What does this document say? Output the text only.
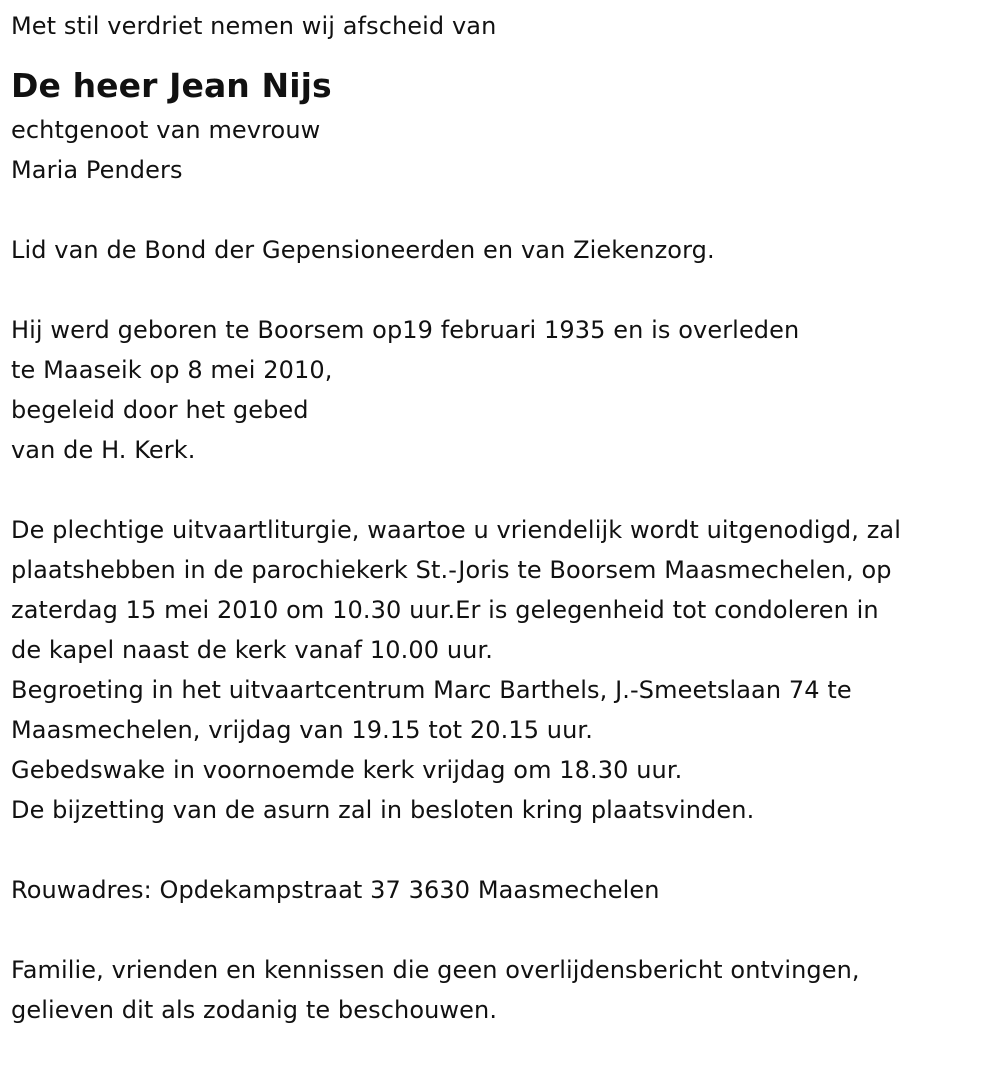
Met stil verdriet nemen wij afscheid van
De heer Jean Nijs
echtgenoot van mevrouw
Maria Penders
Lid van de Bond der Gepensioneerden en van Ziekenzorg.
Hij werd geboren te Boorsem op19 februari 1935 en is overleden
te Maaseik op 8 mei 2010,
begeleid door het gebed
van de H. Kerk.
De plechtige uitvaartliturgie, waartoe u vriendelijk wordt uitgenodigd, zal
plaatshebben in de parochiekerk St.-Joris te Boorsem Maasmechelen, op
zaterdag 15 mei 2010 om 10.30 uur.Er is gelegenheid tot condoleren in
de kapel naast de kerk vanaf 10.00 uur.
Begroeting in het uitvaartcentrum Marc Barthels, J.-Smeetslaan 74 te
Maasmechelen, vrijdag van 19.15 tot 20.15 uur.
Gebedswake in voornoemde kerk vrijdag om 18.30 uur.
De bijzetting van de asurn zal in besloten kring plaatsvinden.
Rouwadres: Opdekampstraat 37 3630 Maasmechelen
Familie, vrienden en kennissen die geen overlijdensbericht ontvingen,
gelieven dit als zodanig te beschouwen.
